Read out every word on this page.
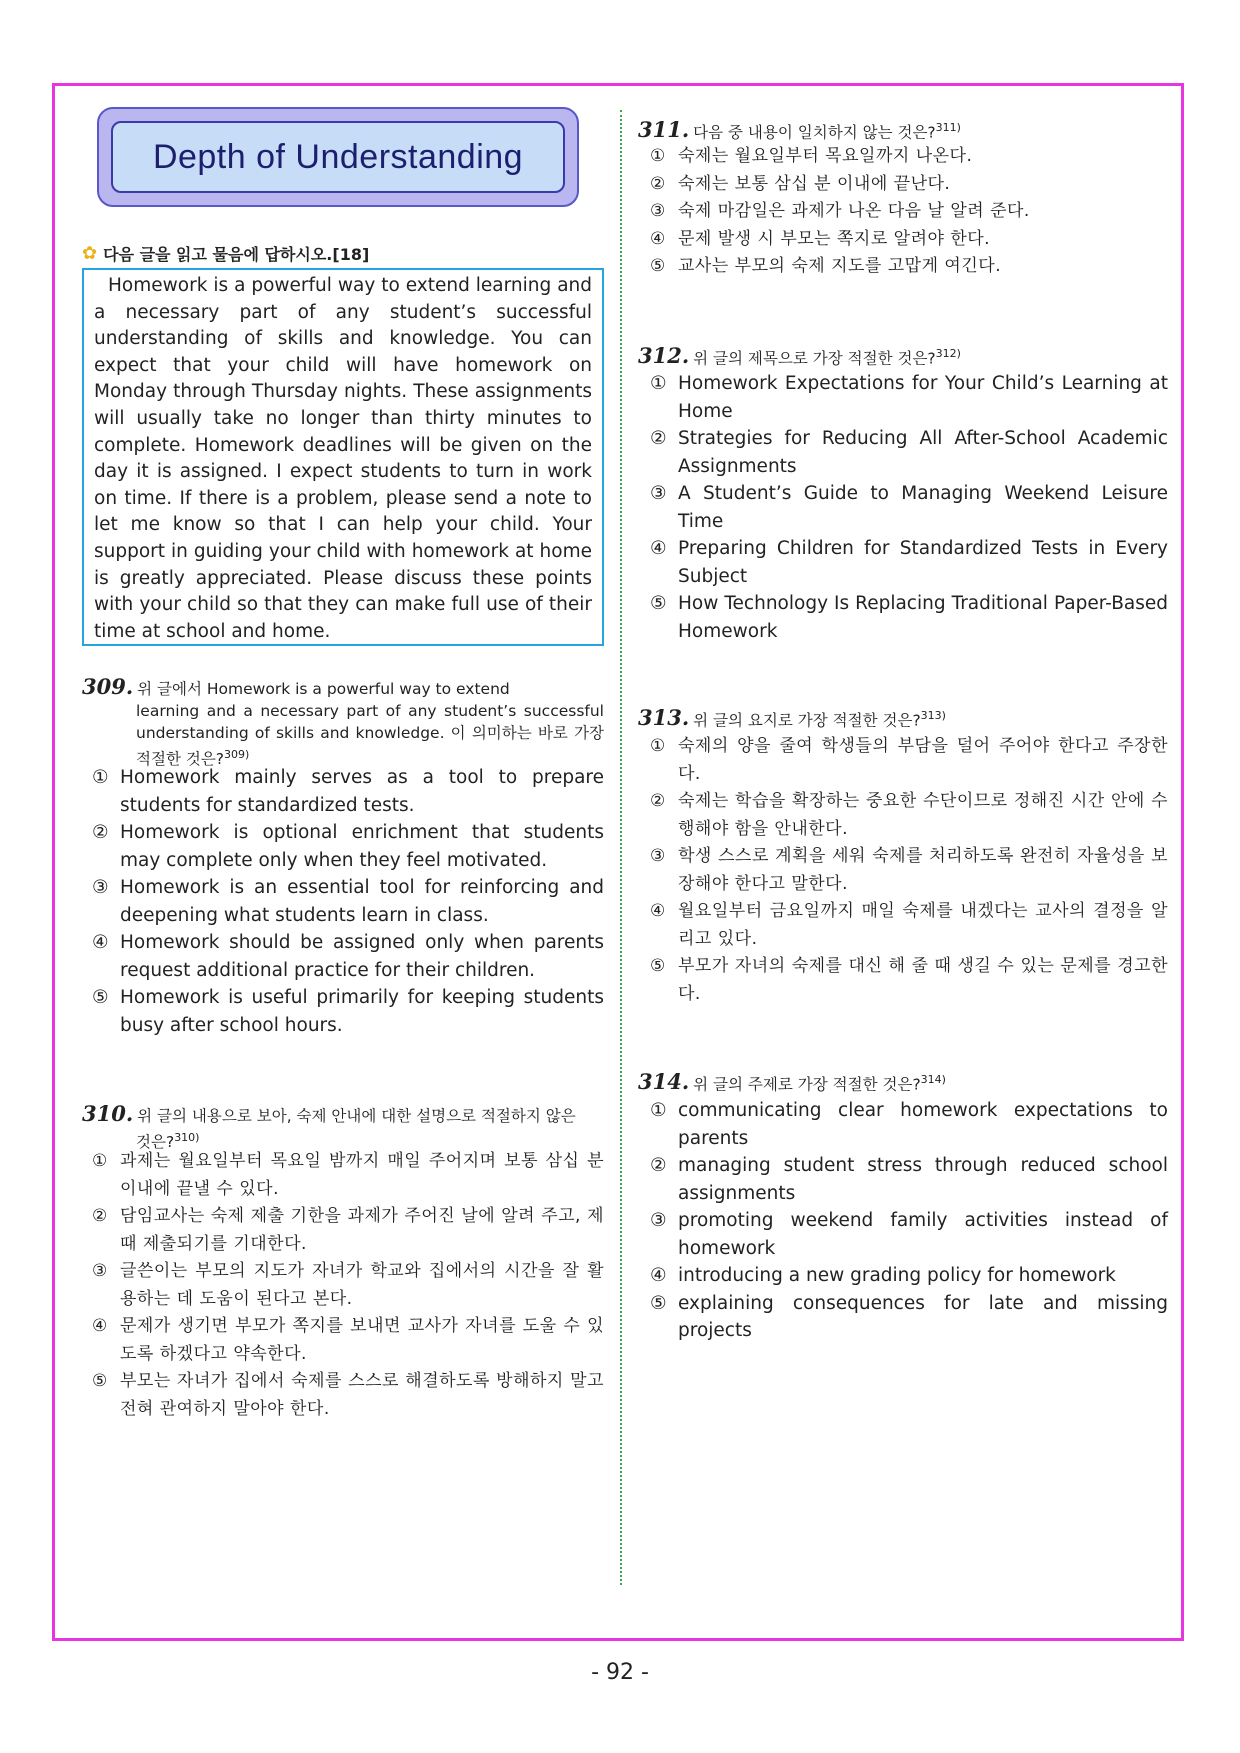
Depth of Understanding
✿ 다음 글을 읽고 물음에 답하시오.[18]
Homework is a powerful way to extend learning and a necessary part of any student’s successful understanding of skills and knowledge. You can expect that your child will have homework on Monday through Thursday nights. These assignments will usually take no longer than thirty minutes to complete. Homework deadlines will be given on the day it is assigned. I expect students to turn in work on time. If there is a problem, please send a note to let me know so that I can help your child. Your support in guiding your child with homework at home is greatly appreciated. Please discuss these points with your child so that they can make full use of their time at school and home.
309. 위 글에서 Homework is a powerful way to extend
learning and a necessary part of any student’s successful understanding of skills and knowledge. 이 의미하는 바로 가장 적절한 것은?$^{309)}$
① Homework mainly serves as a tool to prepare students for standardized tests.
② Homework is optional enrichment that students may complete only when they feel motivated.
③ Homework is an essential tool for reinforcing and deepening what students learn in class.
④ Homework should be assigned only when parents request additional practice for their children.
⑤ Homework is useful primarily for keeping students busy after school hours.
310. 위 글의 내용으로 보아, 숙제 안내에 대한 설명으로 적절하지 않은
것은?$^{310)}$
① 과제는 월요일부터 목요일 밤까지 매일 주어지며 보통 삼십 분 이내에 끝낼 수 있다.
② 담임교사는 숙제 제출 기한을 과제가 주어진 날에 알려 주고, 제때 제출되기를 기대한다.
③ 글쓴이는 부모의 지도가 자녀가 학교와 집에서의 시간을 잘 활용하는 데 도움이 된다고 본다.
④ 문제가 생기면 부모가 쪽지를 보내면 교사가 자녀를 도울 수 있도록 하겠다고 약속한다.
⑤ 부모는 자녀가 집에서 숙제를 스스로 해결하도록 방해하지 말고 전혀 관여하지 말아야 한다.
311. 다음 중 내용이 일치하지 않는 것은?$^{311)}$
① 숙제는 월요일부터 목요일까지 나온다.
② 숙제는 보통 삼십 분 이내에 끝난다.
③ 숙제 마감일은 과제가 나온 다음 날 알려 준다.
④ 문제 발생 시 부모는 쪽지로 알려야 한다.
⑤ 교사는 부모의 숙제 지도를 고맙게 여긴다.
312. 위 글의 제목으로 가장 적절한 것은?$^{312)}$
① Homework Expectations for Your Child’s Learning at Home
② Strategies for Reducing All After-School Academic Assignments
③ A Student’s Guide to Managing Weekend Leisure Time
④ Preparing Children for Standardized Tests in Every Subject
⑤ How Technology Is Replacing Traditional Paper-Based Homework
313. 위 글의 요지로 가장 적절한 것은?$^{313)}$
① 숙제의 양을 줄여 학생들의 부담을 덜어 주어야 한다고 주장한다.
② 숙제는 학습을 확장하는 중요한 수단이므로 정해진 시간 안에 수행해야 함을 안내한다.
③ 학생 스스로 계획을 세워 숙제를 처리하도록 완전히 자율성을 보장해야 한다고 말한다.
④ 월요일부터 금요일까지 매일 숙제를 내겠다는 교사의 결정을 알리고 있다.
⑤ 부모가 자녀의 숙제를 대신 해 줄 때 생길 수 있는 문제를 경고한다.
314. 위 글의 주제로 가장 적절한 것은?$^{314)}$
① communicating clear homework expectations to parents
② managing student stress through reduced school assignments
③ promoting weekend family activities instead of homework
④ introducing a new grading policy for homework
⑤ explaining consequences for late and missing projects
- 92 -
